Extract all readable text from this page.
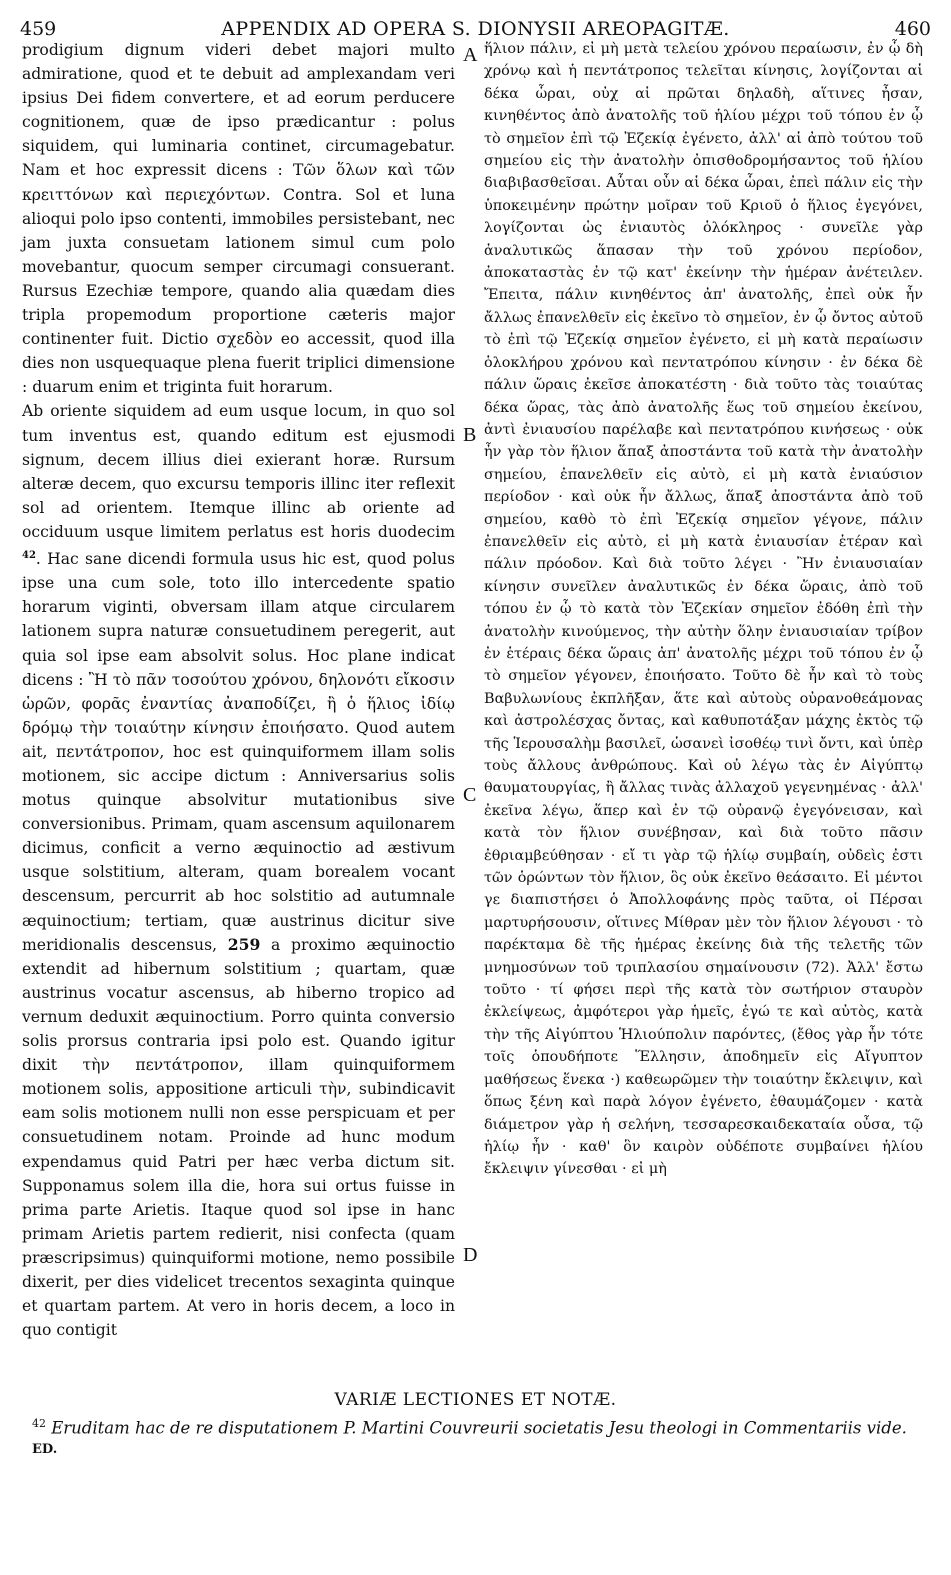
459	APPENDIX AD OPERA S. DIONYSII AREOPAGITÆ.	460

prodigium dignum videri debet majori multo admiratione, quod et te debuit ad amplexandam veri ipsius Dei fidem convertere, et ad eorum perducere cognitionem, quæ de ipso prædicantur : polus siquidem, qui luminaria continet, circumagebatur. Nam et hoc expressit dicens : Τῶν ὅλων καὶ τῶν κρειττόνων καὶ περιεχόντων. Contra. Sol et luna alioqui polo ipso contenti, immobiles persistebant, nec jam juxta consuetam lationem simul cum polo movebantur, quocum semper circumagi consuerant. Rursus Ezechiæ tempore, quando alia quædam dies tripla propemodum proportione cæteris major continenter fuit. Dictio σχεδὸν eo accessit, quod illa dies non usquequaque plena fuerit triplici dimensione : duarum enim et triginta fuit horarum.

Ab oriente siquidem ad eum usque locum, in quo sol tum inventus est, quando editum est ejusmodi signum, decem illius diei exierant horæ. Rursum alteræ decem, quo excursu temporis illinc iter reflexit sol ad orientem. Itemque illinc ab oriente ad occiduum usque limitem perlatus est horis duodecim $^{42}$. Hac sane dicendi formula usus hic est, quod polus ipse una cum sole, toto illo intercedente spatio horarum viginti, obversam illam atque circularem lationem supra naturæ consuetudinem peregerit, aut quia sol ipse eam absolvit solus. Hoc plane indicat dicens : Ἢ τὸ πᾶν τοσούτου χρόνου, δηλονότι εἴκοσιν ὡρῶν, φορᾶς ἐναντίας ἀναποδίζει, ἢ ὁ ἥλιος ἰδίῳ δρόμῳ τὴν τοιαύτην κίνησιν ἐποιήσατο. Quod autem ait, πεντάτροπον, hoc est quinquiformem illam solis motionem, sic accipe dictum : Anniversarius solis motus quinque absolvitur mutationibus sive conversionibus. Primam, quam ascensum aquilonarem dicimus, conficit a verno æquinoctio ad æstivum usque solstitium, alteram, quam borealem vocant descensum, percurrit ab hoc solstitio ad autumnale æquinoctium; tertiam, quæ austrinus dicitur sive meridionalis descensus, 259 a proximo æquinoctio extendit ad hibernum solstitium ; quartam, quæ austrinus vocatur ascensus, ab hiberno tropico ad vernum deduxit æquinoctium. Porro quinta conversio solis prorsus contraria ipsi polo est. Quando igitur dixit τὴν πεντάτροπον, illam quinquiformem motionem solis, appositione articuli τὴν, subindicavit eam solis motionem nulli non esse perspicuam et per consuetudinem notam. Proinde ad hunc modum expendamus quid Patri per hæc verba dictum sit. Supponamus solem illa die, hora sui ortus fuisse in prima parte Arietis. Itaque quod sol ipse in hanc primam Arietis partem redierit, nisi confecta (quam præscripsimus) quinquiformi motione, nemo possibile dixerit, per dies videlicet trecentos sexaginta quinque et quartam partem. At vero in horis decem, a loco in quo contigit

A
B
C
D

ἥλιον πάλιν, εἰ μὴ μετὰ τελείου χρόνου περαίωσιν, ἐν ᾧ δὴ χρόνῳ καὶ ἡ πεντάτροπος τελεῖται κίνησις, λογίζονται αἱ δέκα ὧραι, οὐχ αἱ πρῶται δηλαδὴ, αἵτινες ἦσαν, κινηθέντος ἀπὸ ἀνατολῆς τοῦ ἡλίου μέχρι τοῦ τόπου ἐν ᾧ τὸ σημεῖον ἐπὶ τῷ Ἐζεκίᾳ ἐγένετο, ἀλλ' αἱ ἀπὸ τούτου τοῦ σημείου εἰς τὴν ἀνατολὴν ὀπισθοδρομήσαντος τοῦ ἡλίου διαβιβασθεῖσαι. Αὗται οὖν αἱ δέκα ὧραι, ἐπεὶ πάλιν εἰς τὴν ὑποκειμένην πρώτην μοῖραν τοῦ Κριοῦ ὁ ἥλιος ἐγεγόνει, λογίζονται ὡς ἐνιαυτὸς ὁλόκληρος · συνεῖλε γὰρ ἀναλυτικῶς ἅπασαν τὴν τοῦ χρόνου περίοδον, ἀποκαταστὰς ἐν τῷ κατ' ἐκείνην τὴν ἡμέραν ἀνέτειλεν. Ἔπειτα, πάλιν κινηθέντος ἀπ' ἀνατολῆς, ἐπεὶ οὐκ ἦν ἄλλως ἐπανελθεῖν εἰς ἐκεῖνο τὸ σημεῖον, ἐν ᾧ ὄντος αὐτοῦ τὸ ἐπὶ τῷ Ἐζεκίᾳ σημεῖον ἐγένετο, εἰ μὴ κατὰ περαίωσιν ὁλοκλήρου χρόνου καὶ πεντατρόπου κίνησιν · ἐν δέκα δὲ πάλιν ὥραις ἐκεῖσε ἀποκατέστη · διὰ τοῦτο τὰς τοιαύτας δέκα ὥρας, τὰς ἀπὸ ἀνατολῆς ἕως τοῦ σημείου ἐκείνου, ἀντὶ ἐνιαυσίου παρέλαβε καὶ πεντατρόπου κινήσεως · οὐκ ἦν γὰρ τὸν ἥλιον ἅπαξ ἀποστάντα τοῦ κατὰ τὴν ἀνατολὴν σημείου, ἐπανελθεῖν εἰς αὐτὸ, εἰ μὴ κατὰ ἐνιαύσιον περίοδον · καὶ οὐκ ἦν ἄλλως, ἅπαξ ἀποστάντα ἀπὸ τοῦ σημείου, καθὸ τὸ ἐπὶ Ἐζεκίᾳ σημεῖον γέγονε, πάλιν ἐπανελθεῖν εἰς αὐτὸ, εἰ μὴ κατὰ ἐνιαυσίαν ἑτέραν καὶ πάλιν πρόοδον. Καὶ διὰ τοῦτο λέγει · Ἢν ἐνιαυσιαίαν κίνησιν συνεῖλεν ἀναλυτικῶς ἐν δέκα ὥραις, ἀπὸ τοῦ τόπου ἐν ᾧ τὸ κατὰ τὸν Ἐζεκίαν σημεῖον ἐδόθη ἐπὶ τὴν ἀνατολὴν κινούμενος, τὴν αὐτὴν ὅλην ἐνιαυσιαίαν τρίβον ἐν ἑτέραις δέκα ὥραις ἀπ' ἀνατολῆς μέχρι τοῦ τόπου ἐν ᾧ τὸ σημεῖον γέγονεν, ἐποιήσατο. Τοῦτο δὲ ἦν καὶ τὸ τοὺς Βαβυλωνίους ἐκπλῆξαν, ἅτε καὶ αὐτοὺς οὐρανοθεάμονας καὶ ἀστρολέσχας ὄντας, καὶ καθυποτάξαν μάχης ἐκτὸς τῷ τῆς Ἱερουσαλὴμ βασιλεῖ, ὡσανεὶ ἰσοθέῳ τινὶ ὄντι, καὶ ὑπὲρ τοὺς ἄλλους ἀνθρώπους. Καὶ οὐ λέγω τὰς ἐν Αἰγύπτῳ θαυματουργίας, ἢ ἄλλας τινὰς ἀλλαχοῦ γεγενημένας · ἀλλ' ἐκεῖνα λέγω, ἅπερ καὶ ἐν τῷ οὐρανῷ ἐγεγόνεισαν, καὶ κατὰ τὸν ἥλιον συνέβησαν, καὶ διὰ τοῦτο πᾶσιν ἐθριαμβεύθησαν · εἴ τι γὰρ τῷ ἡλίῳ συμβαίη, οὐδεὶς ἐστι τῶν ὁρώντων τὸν ἥλιον, ὃς οὐκ ἐκεῖνο θεάσαιτο. Εἰ μέντοι γε διαπιστήσει ὁ Ἀπολλοφάνης πρὸς ταῦτα, οἱ Πέρσαι μαρτυρήσουσιν, οἵτινες Μίθραν μὲν τὸν ἥλιον λέγουσι · τὸ παρέκταμα δὲ τῆς ἡμέρας ἐκείνης διὰ τῆς τελετῆς τῶν μνημοσύνων τοῦ τριπλασίου σημαίνουσιν (72). Ἀλλ' ἔστω τοῦτο · τί φήσει περὶ τῆς κατὰ τὸν σωτήριον σταυρὸν ἐκλείψεως, ἀμφότεροι γὰρ ἡμεῖς, ἐγώ τε καὶ αὐτὸς, κατὰ τὴν τῆς Αἰγύπτου Ἡλιούπολιν παρόντες, (ἔθος γὰρ ἦν τότε τοῖς ὁπουδήποτε Ἕλλησιν, ἀποδημεῖν εἰς Αἴγυπτον μαθήσεως ἕνεκα ·) καθεωρῶμεν τὴν τοιαύτην ἔκλειψιν, καὶ ὅπως ξένη καὶ παρὰ λόγον ἐγένετο, ἐθαυμάζομεν · κατὰ διάμετρον γὰρ ἡ σελήνη, τεσσαρεσκαιδεκαταία οὖσα, τῷ ἡλίῳ ἦν · καθ' ὃν καιρὸν οὐδέποτε συμβαίνει ἡλίου ἔκλειψιν γίνεσθαι · εἰ μὴ

VARIÆ LECTIONES ET NOTÆ.
$^{42}$ Eruditam hac de re disputationem P. Martini Couvreurii societatis Jesu theologi in Commentariis vide. ED.
